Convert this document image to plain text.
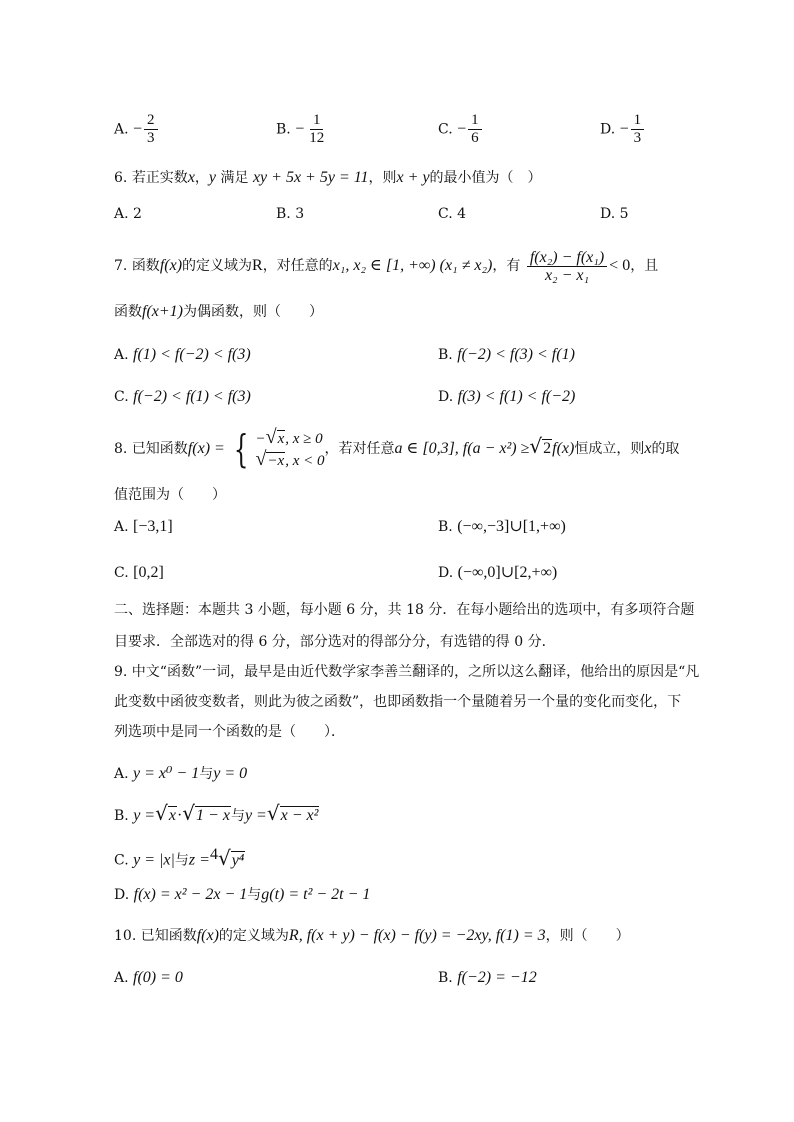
A. − $\frac{2}{3}$	B. − $\frac{1}{12}$	C. − $\frac{1}{6}$	D. − $\frac{1}{3}$
6. 若正实数x，y 满足 xy + 5x + 5y = 11，则x + y的最小值为（　）
A. 2	B. 3	C. 4	D. 5
7. 函数f(x)的定义域为R，对任意的x₁, x₂ ∈ [1, +∞) (x₁ ≠ x₂)，有 $\frac{\text{f(x₂) − f(x₁)}}{\text{x₂ − x₁}} < 0$，且
函数f(x+1)为偶函数，则（　　）
A. f(1) < f(−2) < f(3)	B. f(−2) < f(3) < f(1)
C. f(−2) < f(1) < f(3)	D. f(3) < f(1) < f(−2)
8. 已知函数f(x) = { −√x, x ≥ 0
√−x, x < 0
，若对任意a ∈ [0,3], f(a − x²) ≥√2f(x)恒成立，则x的取
值范围为（　　）
A. [−3,1]	B. (−∞,−3]∪[1,+∞)
C. [0,2]	D. (−∞,0]∪[2,+∞)
二、选择题：本题共 3 小题，每小题 6 分，共 18 分．在每小题给出的选项中，有多项符合题
目要求．全部选对的得 6 分，部分选对的得部分分，有选错的得 0 分．
9. 中文“函数”一词，最早是由近代数学家李善兰翻译的，之所以这么翻译，他给出的原因是“凡
此变数中函彼变数者，则此为彼之函数”，也即函数指一个量随着另一个量的变化而变化，下
列选项中是同一个函数的是（　　）．
A. y = x⁰ − 1与y = 0
B. y =√x·√1 − x与y =√x − x²
C. y = |x|与z =$^4$√y⁴
D. f(x) = x² − 2x − 1与g(t) = t² − 2t − 1
10. 已知函数f(x)的定义域为R, f(x + y) − f(x) − f(y) = −2xy, f(1) = 3，则（　　）
A. f(0) = 0	B. f(−2) = −12
